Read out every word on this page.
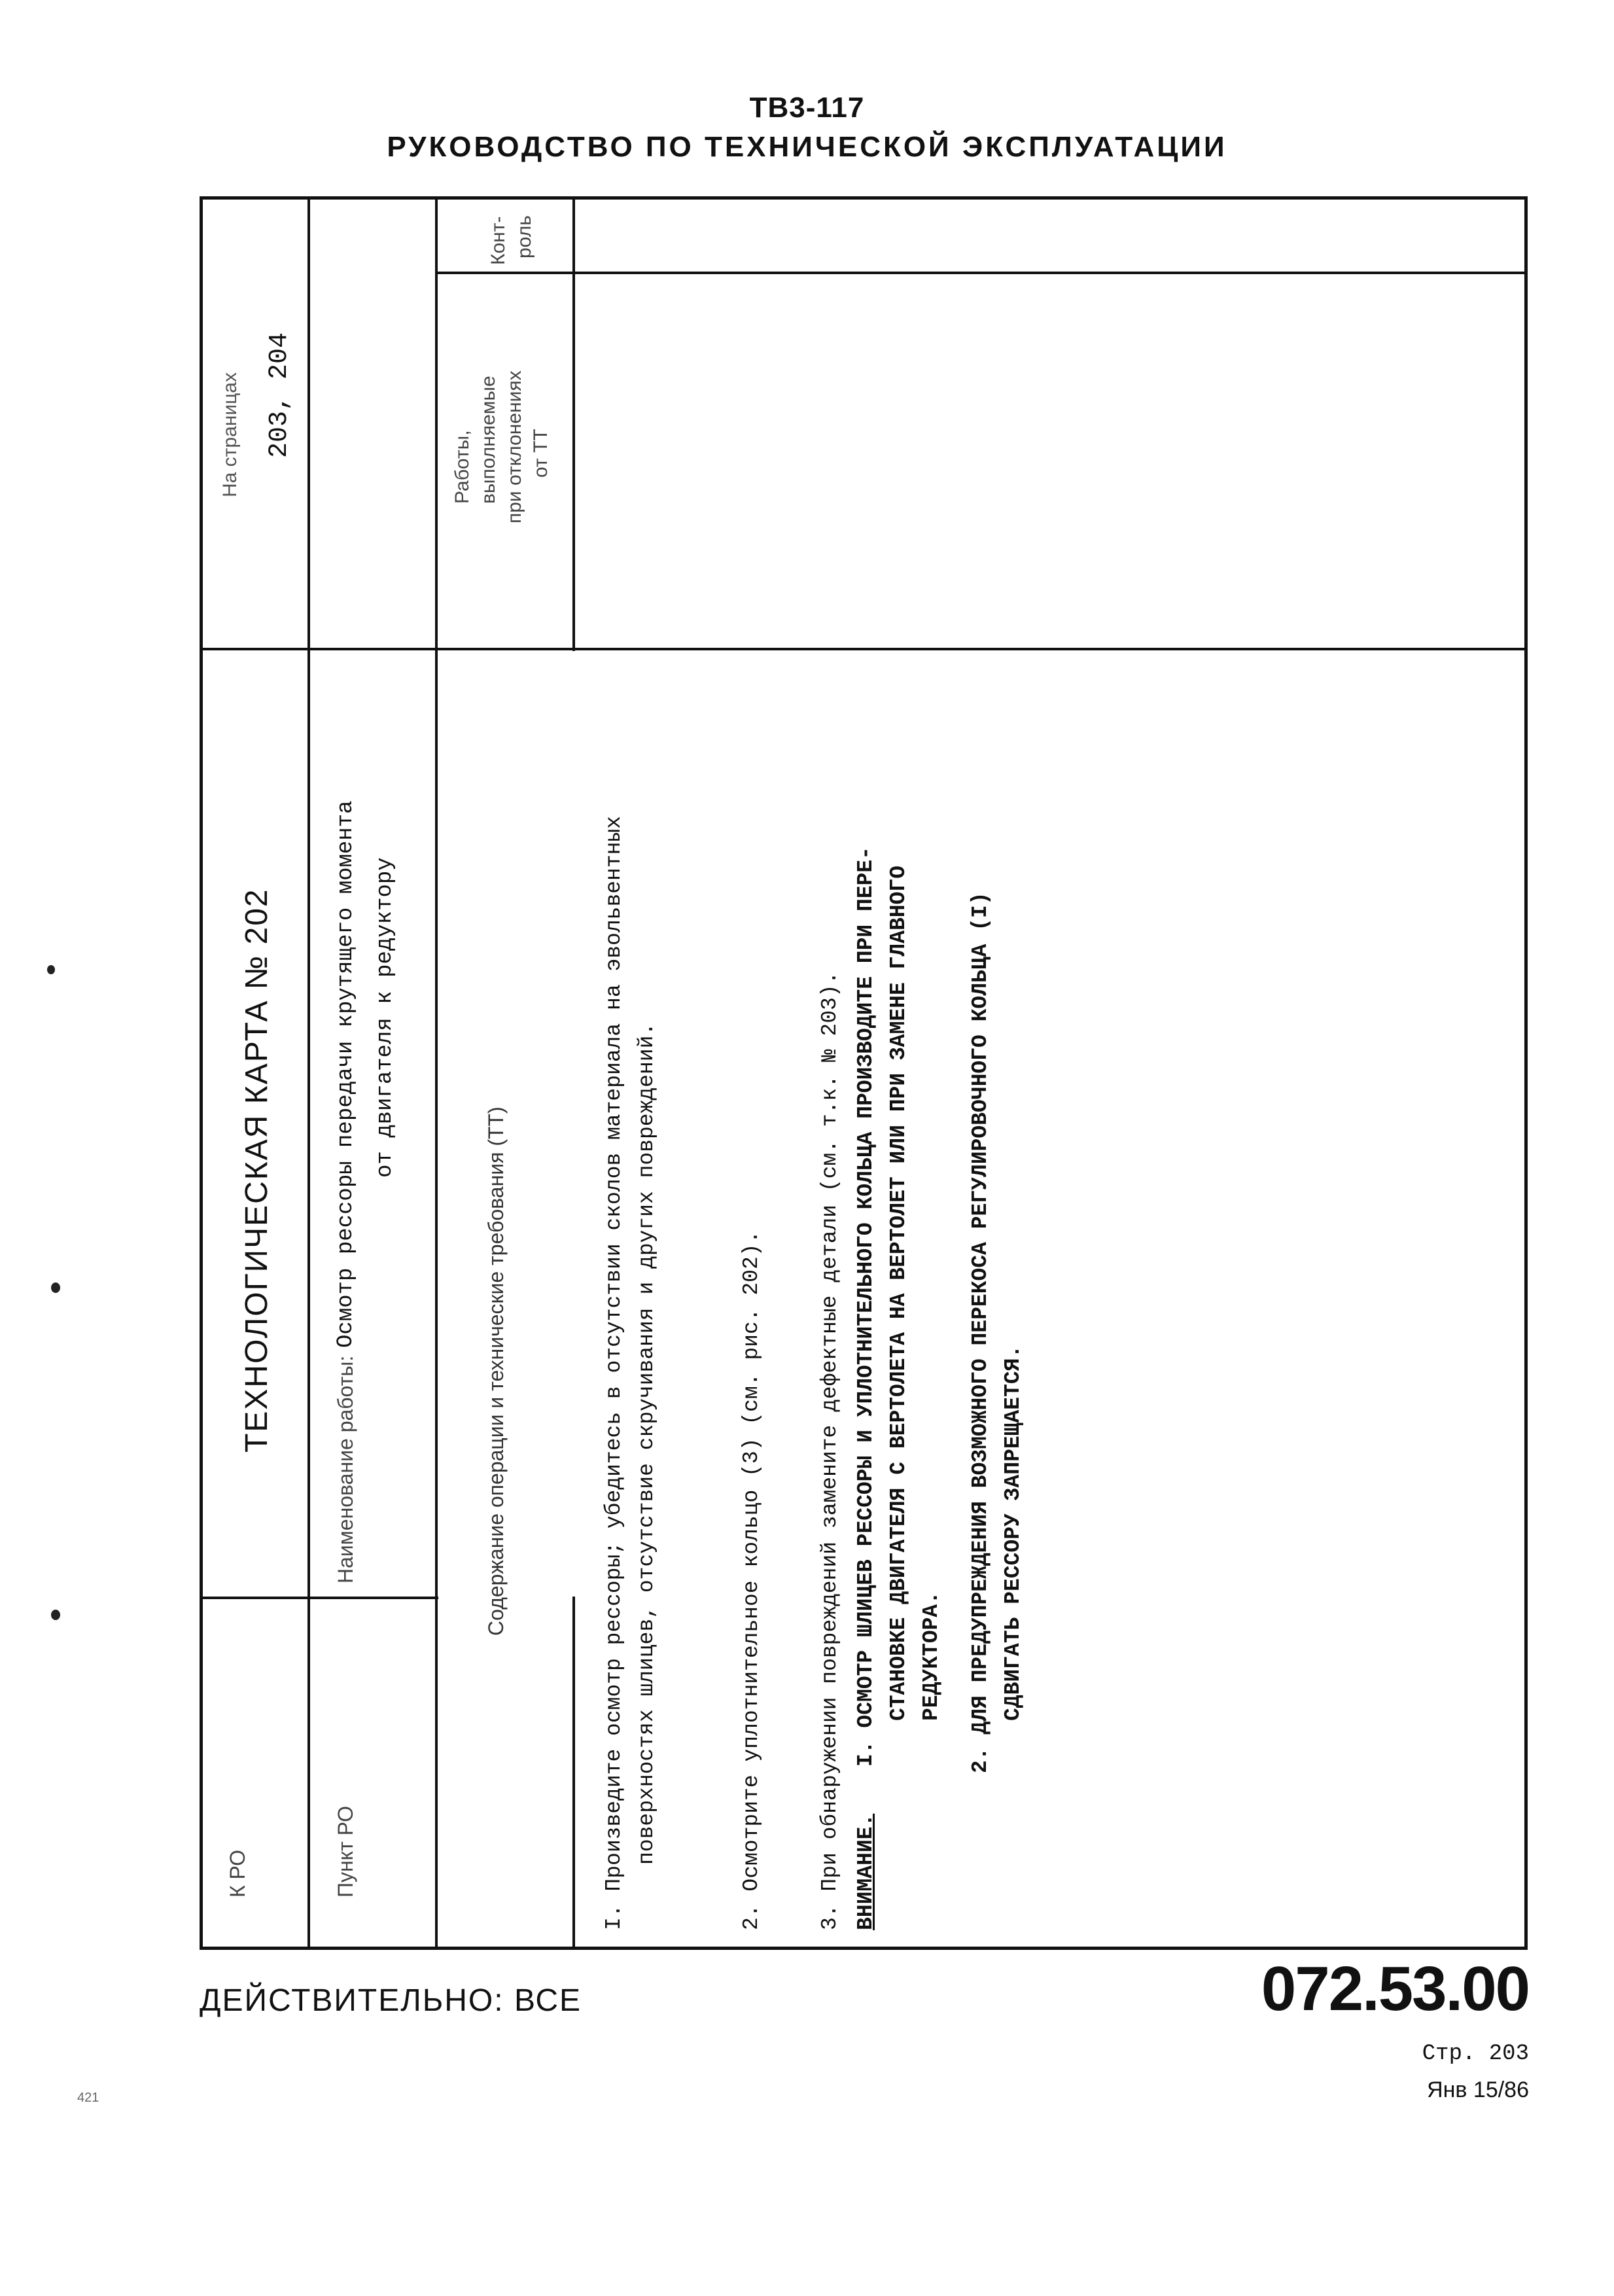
ТВ3-117
РУКОВОДСТВО ПО ТЕХНИЧЕСКОЙ ЭКСПЛУАТАЦИИ
На страницах 203, 204
ТЕХНОЛОГИЧЕСКАЯ КАРТА № 202
К РО	Пункт РО
Наименование работы:
Осмотр рессоры передачи крутящего момента от двигателя к редуктору
Содержание операции и технические требования (ТТ)
Работы, выполняемые при отклонениях от ТТ
Конт- роль
I. Произведите осмотр рессоры; убедитесь в отсутствии сколов материала на эвольвентных поверхностях шлицев, отсутствие скручивания и других повреждений.	2. Осмотрите уплотнительное кольцо (3) (см. рис. 202).	3. При обнаружении повреждений замените дефектные детали (см. т.к. № 203). ВНИМАНИЕ.
I. ОСМОТР ШЛИЦЕВ РЕССОРЫ И УПЛОТНИТЕЛЬНОГО КОЛЬЦА ПРОИЗВОДИТЕ ПРИ ПЕРЕ- СТАНОВКЕ ДВИГАТЕЛЯ С ВЕРТОЛЕТА НА ВЕРТОЛЕТ ИЛИ ПРИ ЗАМЕНЕ ГЛАВНОГО РЕДУКТОРА. 2. ДЛЯ ПРЕДУПРЕЖДЕНИЯ ВОЗМОЖНОГО ПЕРЕКОСА РЕГУЛИРОВОЧНОГО КОЛЬЦА (I) СДВИГАТЬ РЕССОРУ ЗАПРЕЩАЕТСЯ.
ДЕЙСТВИТЕЛЬНО: ВСЕ	072.53.00
Стр. 203
Янв 15/86
421
